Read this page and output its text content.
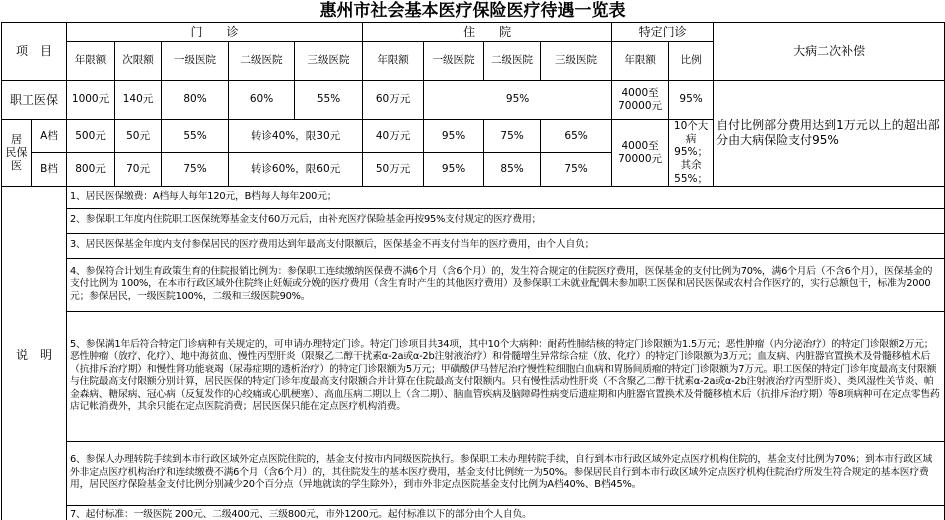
惠州市社会基本医疗保险医疗待遇一览表
项　目		门　　诊					住　　院				特定门诊		大病二次补偿
		年限额	次限额	一级医院	二级医院	三级医院	年限额	一级医院	二级医院	三级医院	年限额	比例	
职工医保		1000元	140元	80%	60%	55%	60万元	95%			4000至70000元	95%	自付比例部分费用达到1万元以上的超出部分由大病保险支付95%
居
民保
医	A档	500元	50元	55%	转诊40%，限30元		40万元	95%	75%	65%	4000至70000元	10个大病95%；其余55%；	
	B档	800元	70元	75%	转诊60%，限60元		50万元	95%	85%	75%			
说　明		1、居民医保缴费：A档每人每年120元，B档每人每年200元；											
		2、参保职工年度内住院职工医保统筹基金支付60万元后，由补充医疗保险基金再按95%支付规定的医疗费用；											
		3、居民医保基金年度内支付参保居民的医疗费用达到年最高支付限额后，医保基金不再支付当年的医疗费用，由个人自负；											
		4、参保符合计划生育政策生育的住院报销比例为：参保职工连续缴纳医保费不满6个月（含6个月）的，发生符合规定的住院医疗费用，医保基金的支付比例为70%，满6个月后（不含6个月），医保基金的支付比例为 100%，在本市行政区域外住院终止妊娠或分娩的医疗费用（含生育时产生的其他医疗费用）及参保职工未就业配偶未参加职工医保和居民医保或农村合作医疗的，实行总额包干，标准为2000元；参保居民，一级医院100%，二级和三级医院90%。											
		5、参保满1年后符合特定门诊病种有关规定的，可申请办理特定门诊。特定门诊项目共34项，其中10个大病种：耐药性肺结核的特定门诊限额为1.5万元；恶性肿瘤（内分泌治疗）的特定门诊限额2万元；恶性肿瘤（放疗、化疗）、地中海贫血、慢性丙型肝炎（限聚乙二醇干扰素α-2a或α-2b注射液治疗）和骨髓增生异常综合症（放、化疗）的特定门诊限额为3万元；血友病、内脏器官置换术及骨髓移植术后（抗排斥治疗期）和慢性肾功能衰竭（尿毒症期的透析治疗）的特定门诊限额为5万元；甲磺酸伊马替尼治疗慢性粒细胞白血病和胃肠间质瘤的特定门诊限额为7万元。职工医保的特定门诊年度最高支付限额与住院最高支付限额分别计算，居民医保的特定门诊年度最高支付限额合并计算在住院最高支付限额内。只有慢性活动性肝炎（不含聚乙二醇干扰素α-2a或α-2b注射液治疗丙型肝炎）、类风湿性关节炎、帕金森病、糖尿病、冠心病（反复发作的心绞痛或心肌梗塞）、高血压病二期以上（含二期）、脑血管疾病及脑障碍性病变后遗症期和内脏器官置换术及骨髓移植术后（抗排斥治疗期）等8项病种可在定点零售药店记帐消费外，其余只能在定点医院消费；居民医保只能在定点医疗机构消费。											
		6、参保人办理转院手续到本市行政区域外定点医院住院的，基金支付按市内同级医院执行。参保职工未办理转院手续，自行到本市行政区域外定点医疗机构住院的，基金支付比例为70%；到本市行政区域外非定点医疗机构治疗和连续缴费不满6个月（含6个月）的，其住院发生的基本医疗费用，基金支付比例统一为50%。参保居民自行到本市行政区域外定点医疗机构住院治疗所发生符合规定的基本医疗费用，居民医疗保险基金支付比例分别减少20个百分点（异地就读的学生除外），到市外非定点医院基金支付比例为A档40%、B档45%。											
		7、起付标准：一级医院 200元、二级400元、三级800元，市外1200元。起付标准以下的部分由个人自负。											
